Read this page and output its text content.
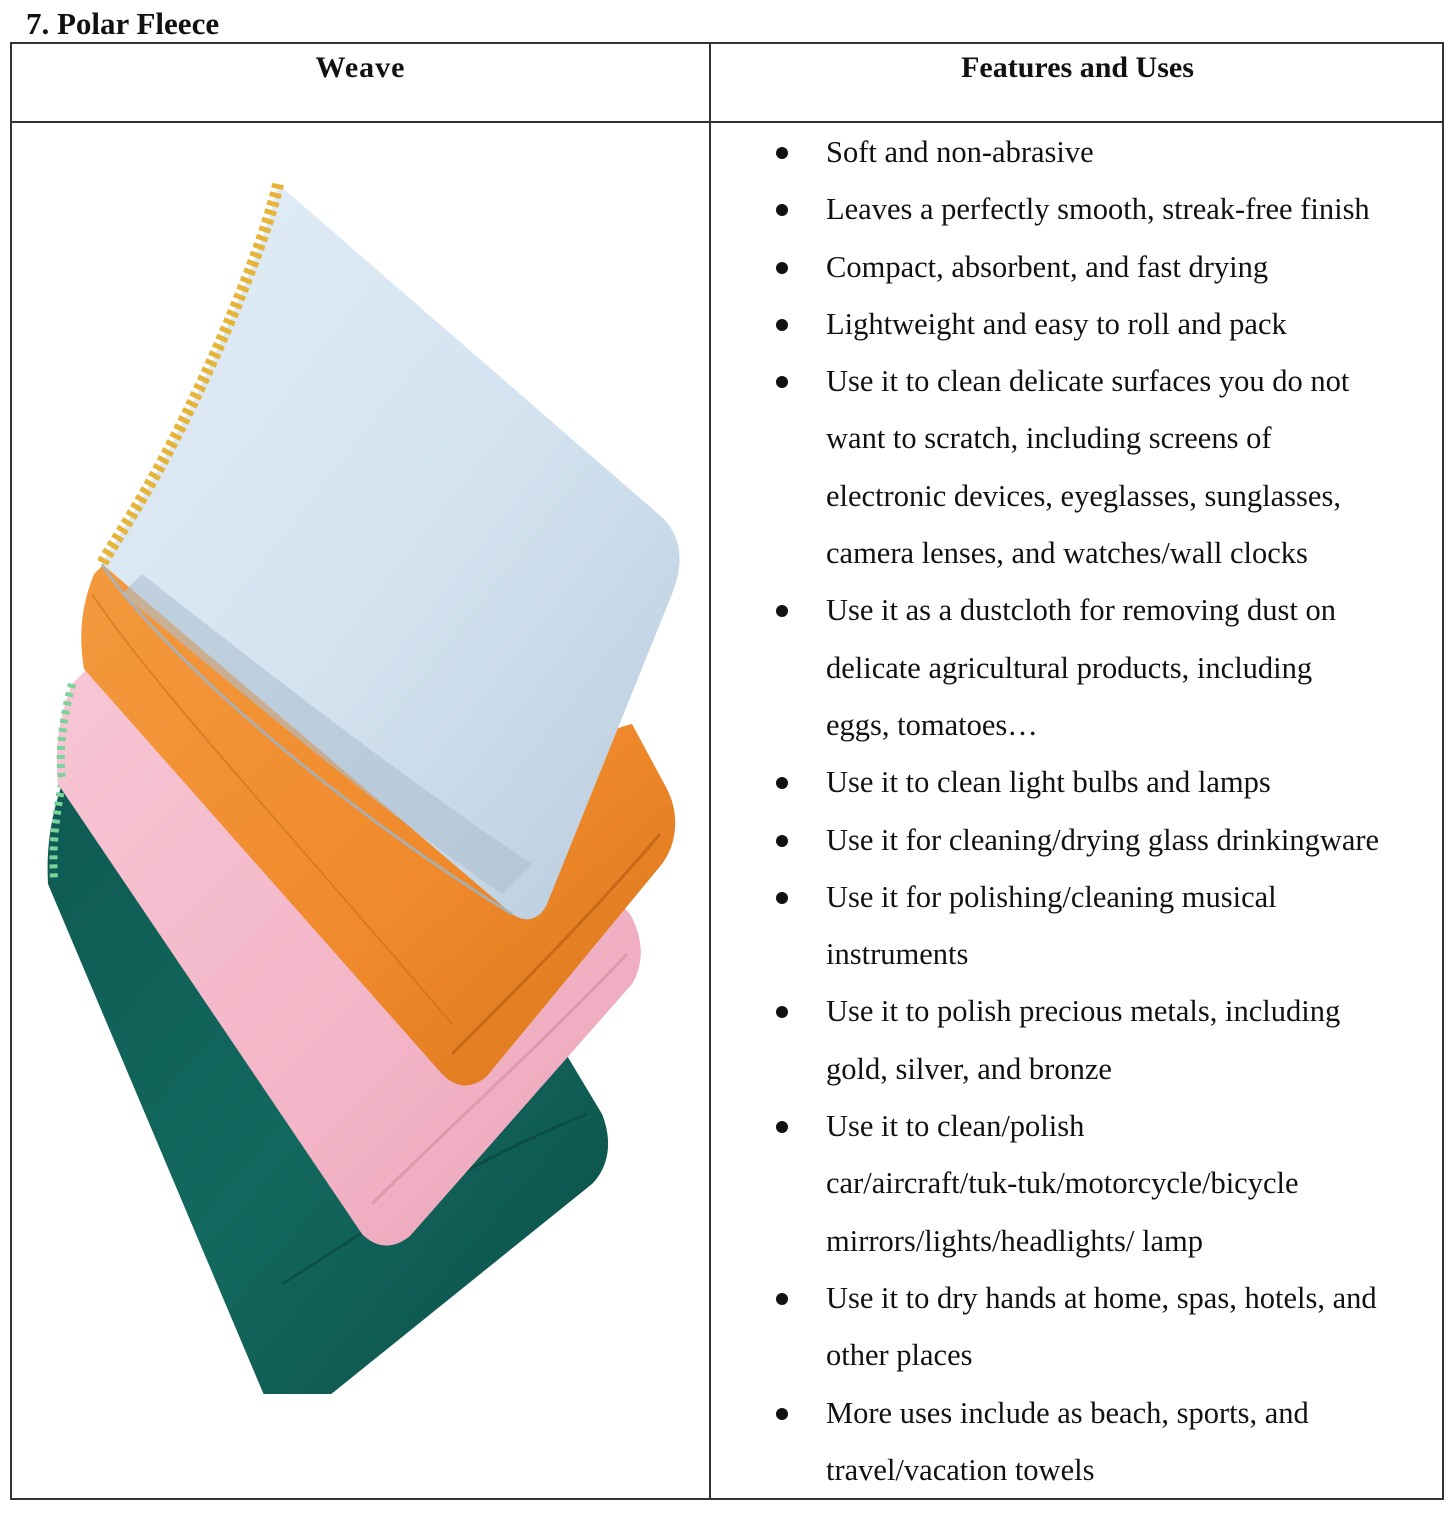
7. Polar Fleece
Weave	Features and Uses
Soft and non-abrasive
Leaves a perfectly smooth, streak-free finish
Compact, absorbent, and fast drying
Lightweight and easy to roll and pack
Use it to clean delicate surfaces you do not
want to scratch, including screens of
electronic devices, eyeglasses, sunglasses,
camera lenses, and watches/wall clocks
Use it as a dustcloth for removing dust on
delicate agricultural products, including
eggs, tomatoes…
Use it to clean light bulbs and lamps
Use it for cleaning/drying glass drinkingware
Use it for polishing/cleaning musical
instruments
Use it to polish precious metals, including
gold, silver, and bronze
Use it to clean/polish
car/aircraft/tuk-tuk/motorcycle/bicycle
mirrors/lights/headlights/ lamp
Use it to dry hands at home, spas, hotels, and
other places
More uses include as beach, sports, and
travel/vacation towels
